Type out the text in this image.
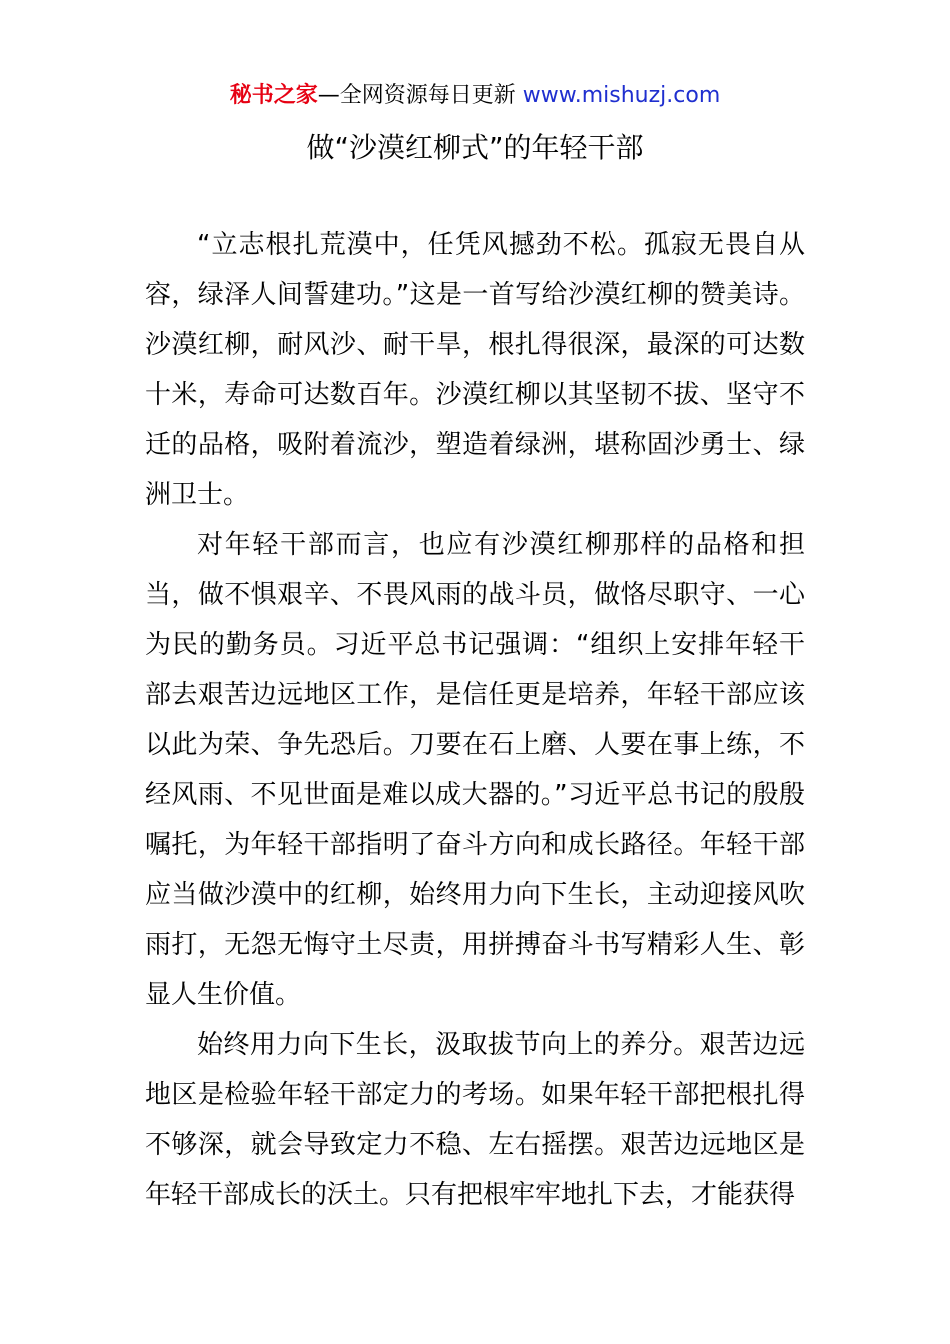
秘书之家—全网资源每日更新 www.mishuzj.com
做“沙漠红柳式”的年轻干部

“立志根扎荒漠中，任凭风撼劲不松。孤寂无畏自从容，绿泽人间誓建功。”这是一首写给沙漠红柳的赞美诗。沙漠红柳，耐风沙、耐干旱，根扎得很深，最深的可达数十米，寿命可达数百年。沙漠红柳以其坚韧不拔、坚守不迁的品格，吸附着流沙，塑造着绿洲，堪称固沙勇士、绿洲卫士。

对年轻干部而言，也应有沙漠红柳那样的品格和担当，做不惧艰辛、不畏风雨的战斗员，做恪尽职守、一心为民的勤务员。习近平总书记强调：“组织上安排年轻干部去艰苦边远地区工作，是信任更是培养，年轻干部应该以此为荣、争先恐后。刀要在石上磨、人要在事上练，不经风雨、不见世面是难以成大器的。”习近平总书记的殷殷嘱托，为年轻干部指明了奋斗方向和成长路径。年轻干部应当做沙漠中的红柳，始终用力向下生长，主动迎接风吹雨打，无怨无悔守土尽责，用拼搏奋斗书写精彩人生、彰显人生价值。

始终用力向下生长，汲取拔节向上的养分。艰苦边远地区是检验年轻干部定力的考场。如果年轻干部把根扎得不够深，就会导致定力不稳、左右摇摆。艰苦边远地区是年轻干部成长的沃土。只有把根牢牢地扎下去，才能获得
